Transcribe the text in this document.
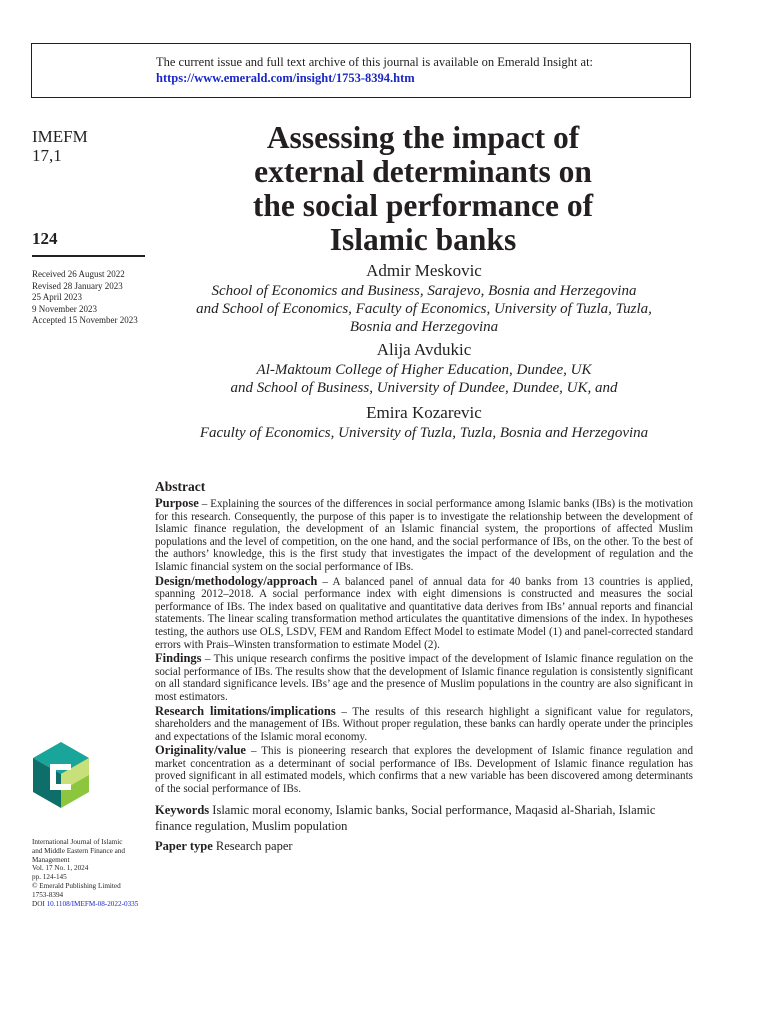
The current issue and full text archive of this journal is available on Emerald Insight at:
https://www.emerald.com/insight/1753-8394.htm
IMEFM
17,1
124
Received 26 August 2022
Revised 28 January 2023
25 April 2023
9 November 2023
Accepted 15 November 2023
Assessing the impact of
external determinants on
the social performance of
Islamic banks
Admir Meskovic
School of Economics and Business, Sarajevo, Bosnia and Herzegovina
and School of Economics, Faculty of Economics, University of Tuzla, Tuzla,
Bosnia and Herzegovina
Alija Avdukic
Al-Maktoum College of Higher Education, Dundee, UK
and School of Business, University of Dundee, Dundee, UK, and
Emira Kozarevic
Faculty of Economics, University of Tuzla, Tuzla, Bosnia and Herzegovina
Abstract

Purpose – Explaining the sources of the differences in social performance among Islamic banks (IBs) is the motivation for this research. Consequently, the purpose of this paper is to investigate the relationship between the development of Islamic finance regulation, the development of an Islamic financial system, the proportions of affected Muslim populations and the level of competition, on the one hand, and the social performance of IBs, on the other. To the best of the authors’ knowledge, this is the first study that investigates the impact of the development of regulation and the Islamic financial system on the social performance of IBs.

Design/methodology/approach – A balanced panel of annual data for 40 banks from 13 countries is applied, spanning 2012–2018. A social performance index with eight dimensions is constructed and measures the social performance of IBs. The index based on qualitative and quantitative data derives from IBs’ annual reports and financial statements. The linear scaling transformation method articulates the quantitative dimensions of the index. In hypotheses testing, the authors use OLS, LSDV, FEM and Random Effect Model to estimate Model (1) and panel-corrected standard errors with Prais–Winsten transformation to estimate Model (2).

Findings – This unique research confirms the positive impact of the development of Islamic finance regulation on the social performance of IBs. The results show that the development of Islamic finance regulation is consistently significant on all standard significance levels. IBs’ age and the presence of Muslim populations in the country are also significant in most estimators.

Research limitations/implications – The results of this research highlight a significant value for regulators, shareholders and the management of IBs. Without proper regulation, these banks can hardly operate under the principles and expectations of the Islamic moral economy.

Originality/value – This is pioneering research that explores the development of Islamic finance regulation and market concentration as a determinant of social performance of IBs. Development of Islamic finance regulation has proved significant in all estimated models, which confirms that a new variable has been discovered among determinants of the social performance of IBs.

Keywords Islamic moral economy, Islamic banks, Social performance, Maqasid al-Shariah, Islamic finance regulation, Muslim population
Paper type Research paper
International Journal of Islamic
and Middle Eastern Finance and
Management
Vol. 17 No. 1, 2024
pp. 124-145
© Emerald Publishing Limited
1753-8394
DOI 10.1108/IMEFM-08-2022-0335
